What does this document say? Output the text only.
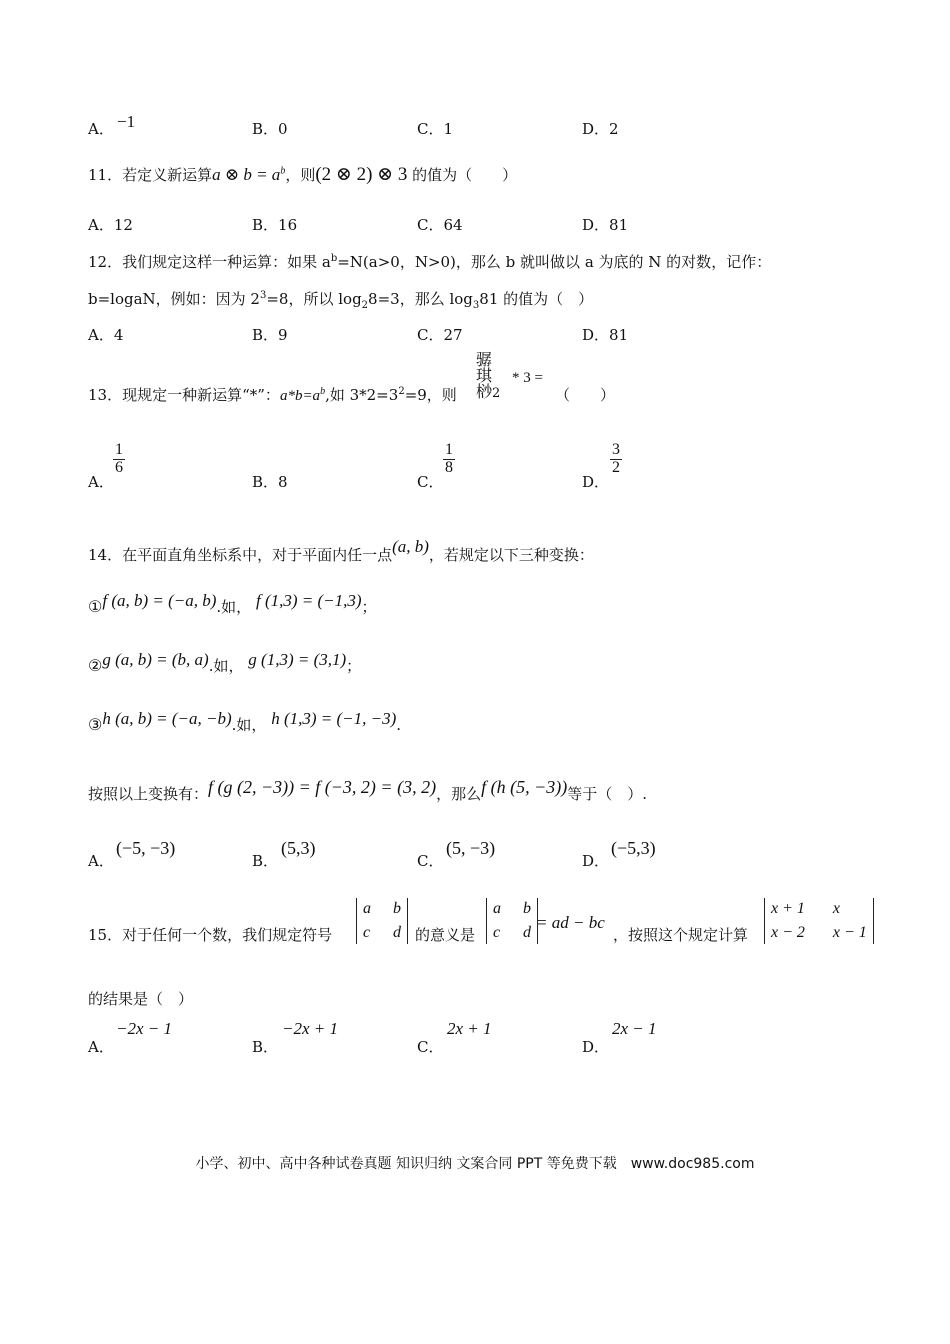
A． −1	B．0	C．1	D．2
11．若定义新运算a ⊗ $b = a^b$，则(2 ⊗ 2) ⊗ 3 的值为（　　）
A．12	B．16	C．64	D．81
12．我们规定这样一种运算：如果 $a^b=N(a>0$，N>0)，那么 b 就叫做以 a 为底的 N 的对数，记作：
b=logaN，例如：因为 $2^3=8$，所以 $\log_28=3$，那么 $\log_381$ 的值为（　）
A．4	B．9	C．27	D．81
13．现规定一种新运算“*”：$a*b=a^b$,如 $3*2=3^2=9$，则
骣琪桫2
* 3 =
（　　）
A．
$\frac{1}{6}$
B．8	C．
$\frac{1}{8}$
D．
$\frac{3}{2}$
14．在平面直角坐标系中，对于平面内任一点(a, b)，若规定以下三种变换：
①f (a, b) = (−a, b).如， f (1,3) = (−1,3)；
②g (a, b) = (b, a).如， g (1,3) = (3,1)；
③h (a, b) = (−a, −b).如， h (1,3) = (−1, −3).
按照以上变换有：f (g (2, −3)) = f (−3, 2) = (3, 2)，那么f (h (5, −3))等于（　）.
A．
(−5, −3)
B．
(5,3)
C．
(5, −3)
D．
(−5,3)
15．对于任何一个数，我们规定符号
a b
c d 的意义是
a b
c d
= ad − bc
，按照这个规定计算
x + 1 x
x − 2 x − 1
的结果是（　）
A．
−2x − 1
B．
−2x + 1
C．
2x + 1
D．
2x − 1
小学、初中、高中各种试卷真题 知识归纳 文案合同 PPT 等免费下载　www.doc985.com
